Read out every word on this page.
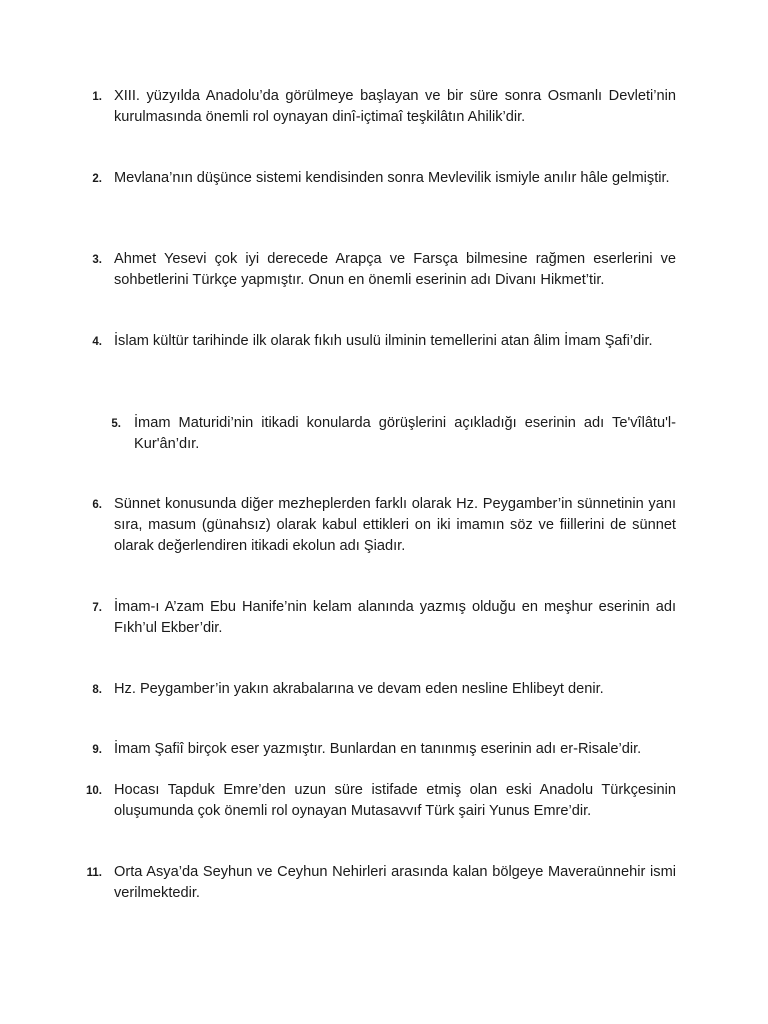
1. XIII. yüzyılda Anadolu’da görülmeye başlayan ve bir süre sonra Osmanlı Devleti’nin kurulmasında önemli rol oynayan dinî-içtimaî teşkilâtın Ahilik’dir.
2. Mevlana’nın düşünce sistemi kendisinden sonra Mevlevilik ismiyle anılır hâle gelmiştir.
3. Ahmet Yesevi çok iyi derecede Arapça ve Farsça bilmesine rağmen eserlerini ve sohbetlerini Türkçe yapmıştır. Onun en önemli eserinin adı Divanı Hikmet’tir.
4. İslam kültür tarihinde ilk olarak fıkıh usulü ilminin temellerini atan âlim İmam Şafi’dir.
5. İmam Maturidi’nin itikadi konularda görüşlerini açıkladığı eserinin adı Te'vîlâtu'l-Kur'ân’dır.
6. Sünnet konusunda diğer mezheplerden farklı olarak Hz. Peygamber’in sünnetinin yanı sıra, masum (günahsız) olarak kabul ettikleri on iki imamın söz ve fiillerini de sünnet olarak değerlendiren itikadi ekolun adı Şiadır.
7. İmam-ı A’zam Ebu Hanife’nin kelam alanında yazmış olduğu en meşhur eserinin adı Fıkh’ul Ekber’dir.
8. Hz. Peygamber’in yakın akrabalarına ve devam eden nesline Ehlibeyt denir.
9. İmam Şafiî birçok eser yazmıştır. Bunlardan en tanınmış eserinin adı er-Risale’dir.
10. Hocası Tapduk Emre’den uzun süre istifade etmiş olan eski Anadolu Türkçesinin oluşumunda çok önemli rol oynayan Mutasavvıf Türk şairi Yunus Emre’dir.
11. Orta Asya’da Seyhun ve Ceyhun Nehirleri arasında kalan bölgeye Maveraünnehir ismi verilmektedir.
